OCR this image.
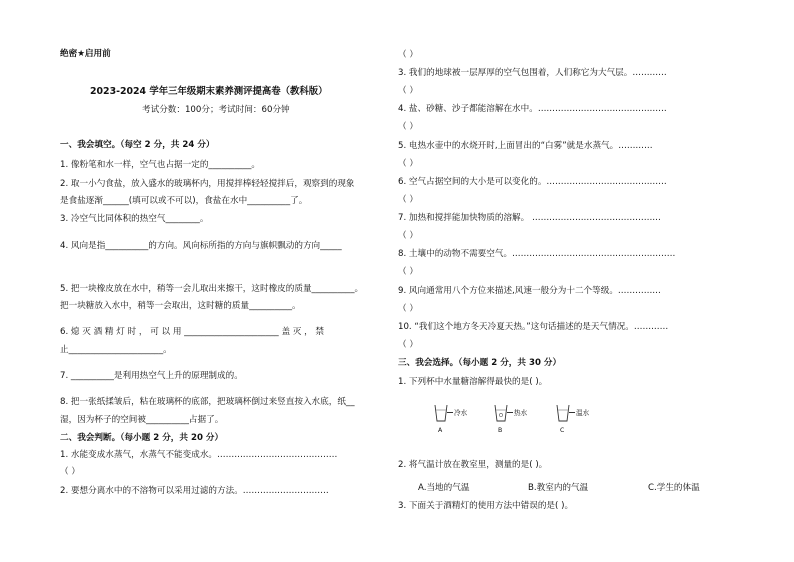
绝密★启用前
2023-2024 学年三年级期末素养测评提高卷（教科版）
考试分数：100分；考试时间：60分钟
一、我会填空。（每空 2 分，共 24 分）
1. 像粉笔和水一样，空气也占据一定的__________。
2. 取一小勺食盐，放入盛水的玻璃杯内，用搅拌棒轻轻搅拌后，观察到的现象
是食盐逐渐______(填可以或不可以)，食盐在水中__________了。
3. 冷空气比同体积的热空气________。
4. 风向是指__________的方向。风向标所指的方向与旗帜飘动的方向_____
5. 把一块橡皮放在水中，稍等一会儿取出来擦干，这时橡皮的质量__________。
把一块糖放入水中，稍等一会取出，这时糖的质量__________。
6. 熄 灭 酒 精 灯 时 ， 可 以 用 ______________________ 盖 灭 ， 禁
止______________________。
7. __________是利用热空气上升的原理制成的。
8. 把一张纸揉皱后，粘在玻璃杯的底部，把玻璃杯倒过来竖直按入水底，纸__
湿，因为杯子的空间被__________占据了。
二、我会判断。（每小题 2 分，共 20 分）
1. 水能变成水蒸气，水蒸气不能变成水。……………………………………
（ ）
2. 要想分离水中的不溶物可以采用过滤的方法。…………………………
（ ）
3. 我们的地球被一层厚厚的空气包围着，人们称它为大气层。…………
（ ）
4. 盐、砂糖、沙子都能溶解在水中。………………………………………
（ ）
5. 电热水壶中的水烧开时,上面冒出的“白雾”就是水蒸气。…………
（ ）
6. 空气占据空间的大小是可以变化的。……………………………………
（ ）
7. 加热和搅拌能加快物质的溶解。 ………………………………………
（ ）
8. 土壤中的动物不需要空气。…………………………………………………
（ ）
9. 风向通常用八个方位来描述,风速一般分为十二个等级。……………
（ ）
10. “我们这个地方冬天冷夏天热。”这句话描述的是天气情况。…………
（ ）
三、我会选择。（每小题 2 分，共 30 分）
1. 下列杯中水量糖溶解得最快的是( )。
冷水
A
热水
B
温水
C
2. 将气温计放在教室里，测量的是( )。
A.当地的气温	B.教室内的气温	C.学生的体温
3. 下面关于酒精灯的使用方法中错误的是( )。
